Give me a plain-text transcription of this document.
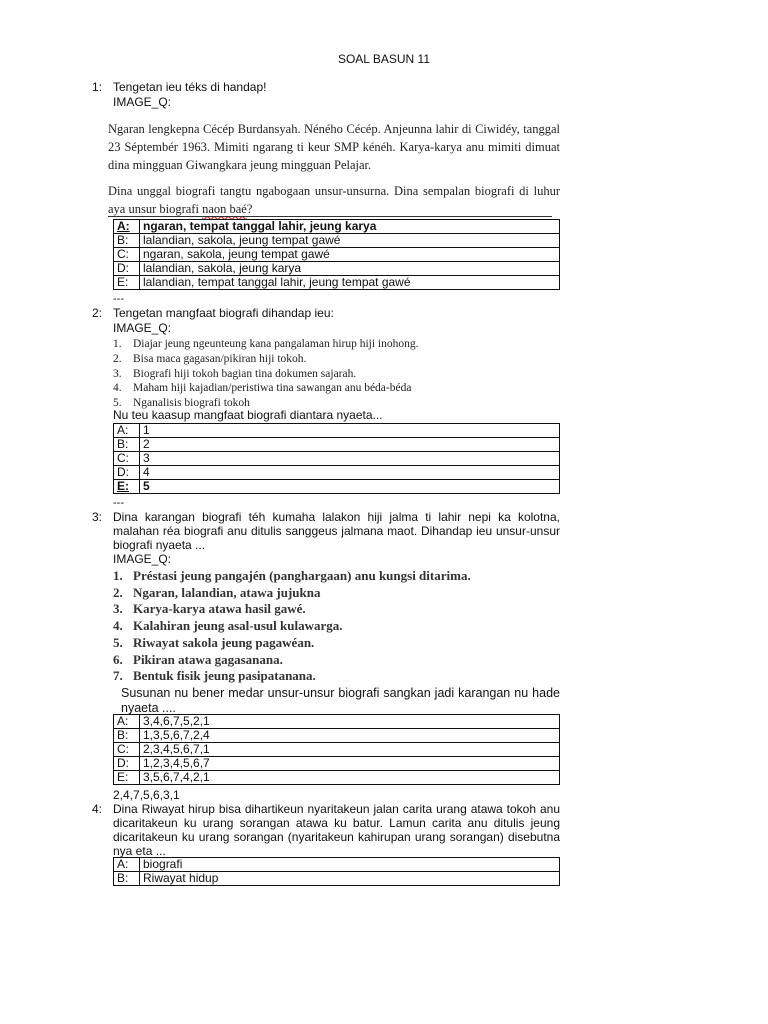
SOAL BASUN 11
1: Tengetan ieu téks di handap!
IMAGE_Q:
Ngaran lengkepna Cécép Burdansyah. Néného Cécép. Anjeunna lahir di Ciwidéy, tanggal 23 Séptembér 1963. Mimiti ngarang ti keur SMP kénéh. Karya-karya anu mimiti dimuat dina mingguan Giwangkara jeung mingguan Pelajar.
Dina unggal biografi tangtu ngabogaan unsur-unsurna. Dina sempalan biografi di luhur aya unsur biografi naon baé?
A:	ngaran, tempat tanggal lahir, jeung karya
B:	lalandian, sakola, jeung tempat gawé
C:	ngaran, sakola, jeung tempat gawé
D:	lalandian, sakola, jeung karya
E:	lalandian, tempat tanggal lahir, jeung tempat gawé
---
2: Tengetan mangfaat biografi dihandap ieu:
IMAGE_Q:
1. Diajar jeung ngeunteung kana pangalaman hirup hiji inohong.
2. Bisa maca gagasan/pikiran hiji tokoh.
3. Biografi hiji tokoh bagian tina dokumen sajarah.
4. Maham hiji kajadian/peristiwa tina sawangan anu béda-béda
5. Nganalisis biografi tokoh
Nu teu kaasup mangfaat biografi diantara nyaeta...
A:	1
B:	2
C:	3
D:	4
E:	5
---
3: Dina karangan biografi téh kumaha lalakon hiji jalma ti lahir nepi ka kolotna, malahan réa biografi anu ditulis sanggeus jalmana maot. Dihandap ieu unsur-unsur biografi nyaeta ...
IMAGE_Q:
1. Préstasi jeung pangajén (panghargaan) anu kungsi ditarima.
2. Ngaran, lalandian, atawa jujukna
3. Karya-karya atawa hasil gawé.
4. Kalahiran jeung asal-usul kulawarga.
5. Riwayat sakola jeung pagawéan.
6. Pikiran atawa gagasanana.
7. Bentuk fisik jeung pasipatanana.
Susunan nu bener medar unsur-unsur biografi sangkan jadi karangan nu hade nyaeta ....
A:	3,4,6,7,5,2,1
B:	1,3,5,6,7,2,4
C:	2,3,4,5,6,7,1
D:	1,2,3,4,5,6,7
E:	3,5,6,7,4,2,1
2,4,7,5,6,3,1
4: Dina Riwayat hirup bisa dihartikeun nyaritakeun jalan carita urang atawa tokoh anu dicaritakeun ku urang sorangan atawa ku batur. Lamun carita anu ditulis jeung dicaritakeun ku urang sorangan (nyaritakeun kahirupan urang sorangan) disebutna nya eta ...
A:	biografi
B:	Riwayat hidup
